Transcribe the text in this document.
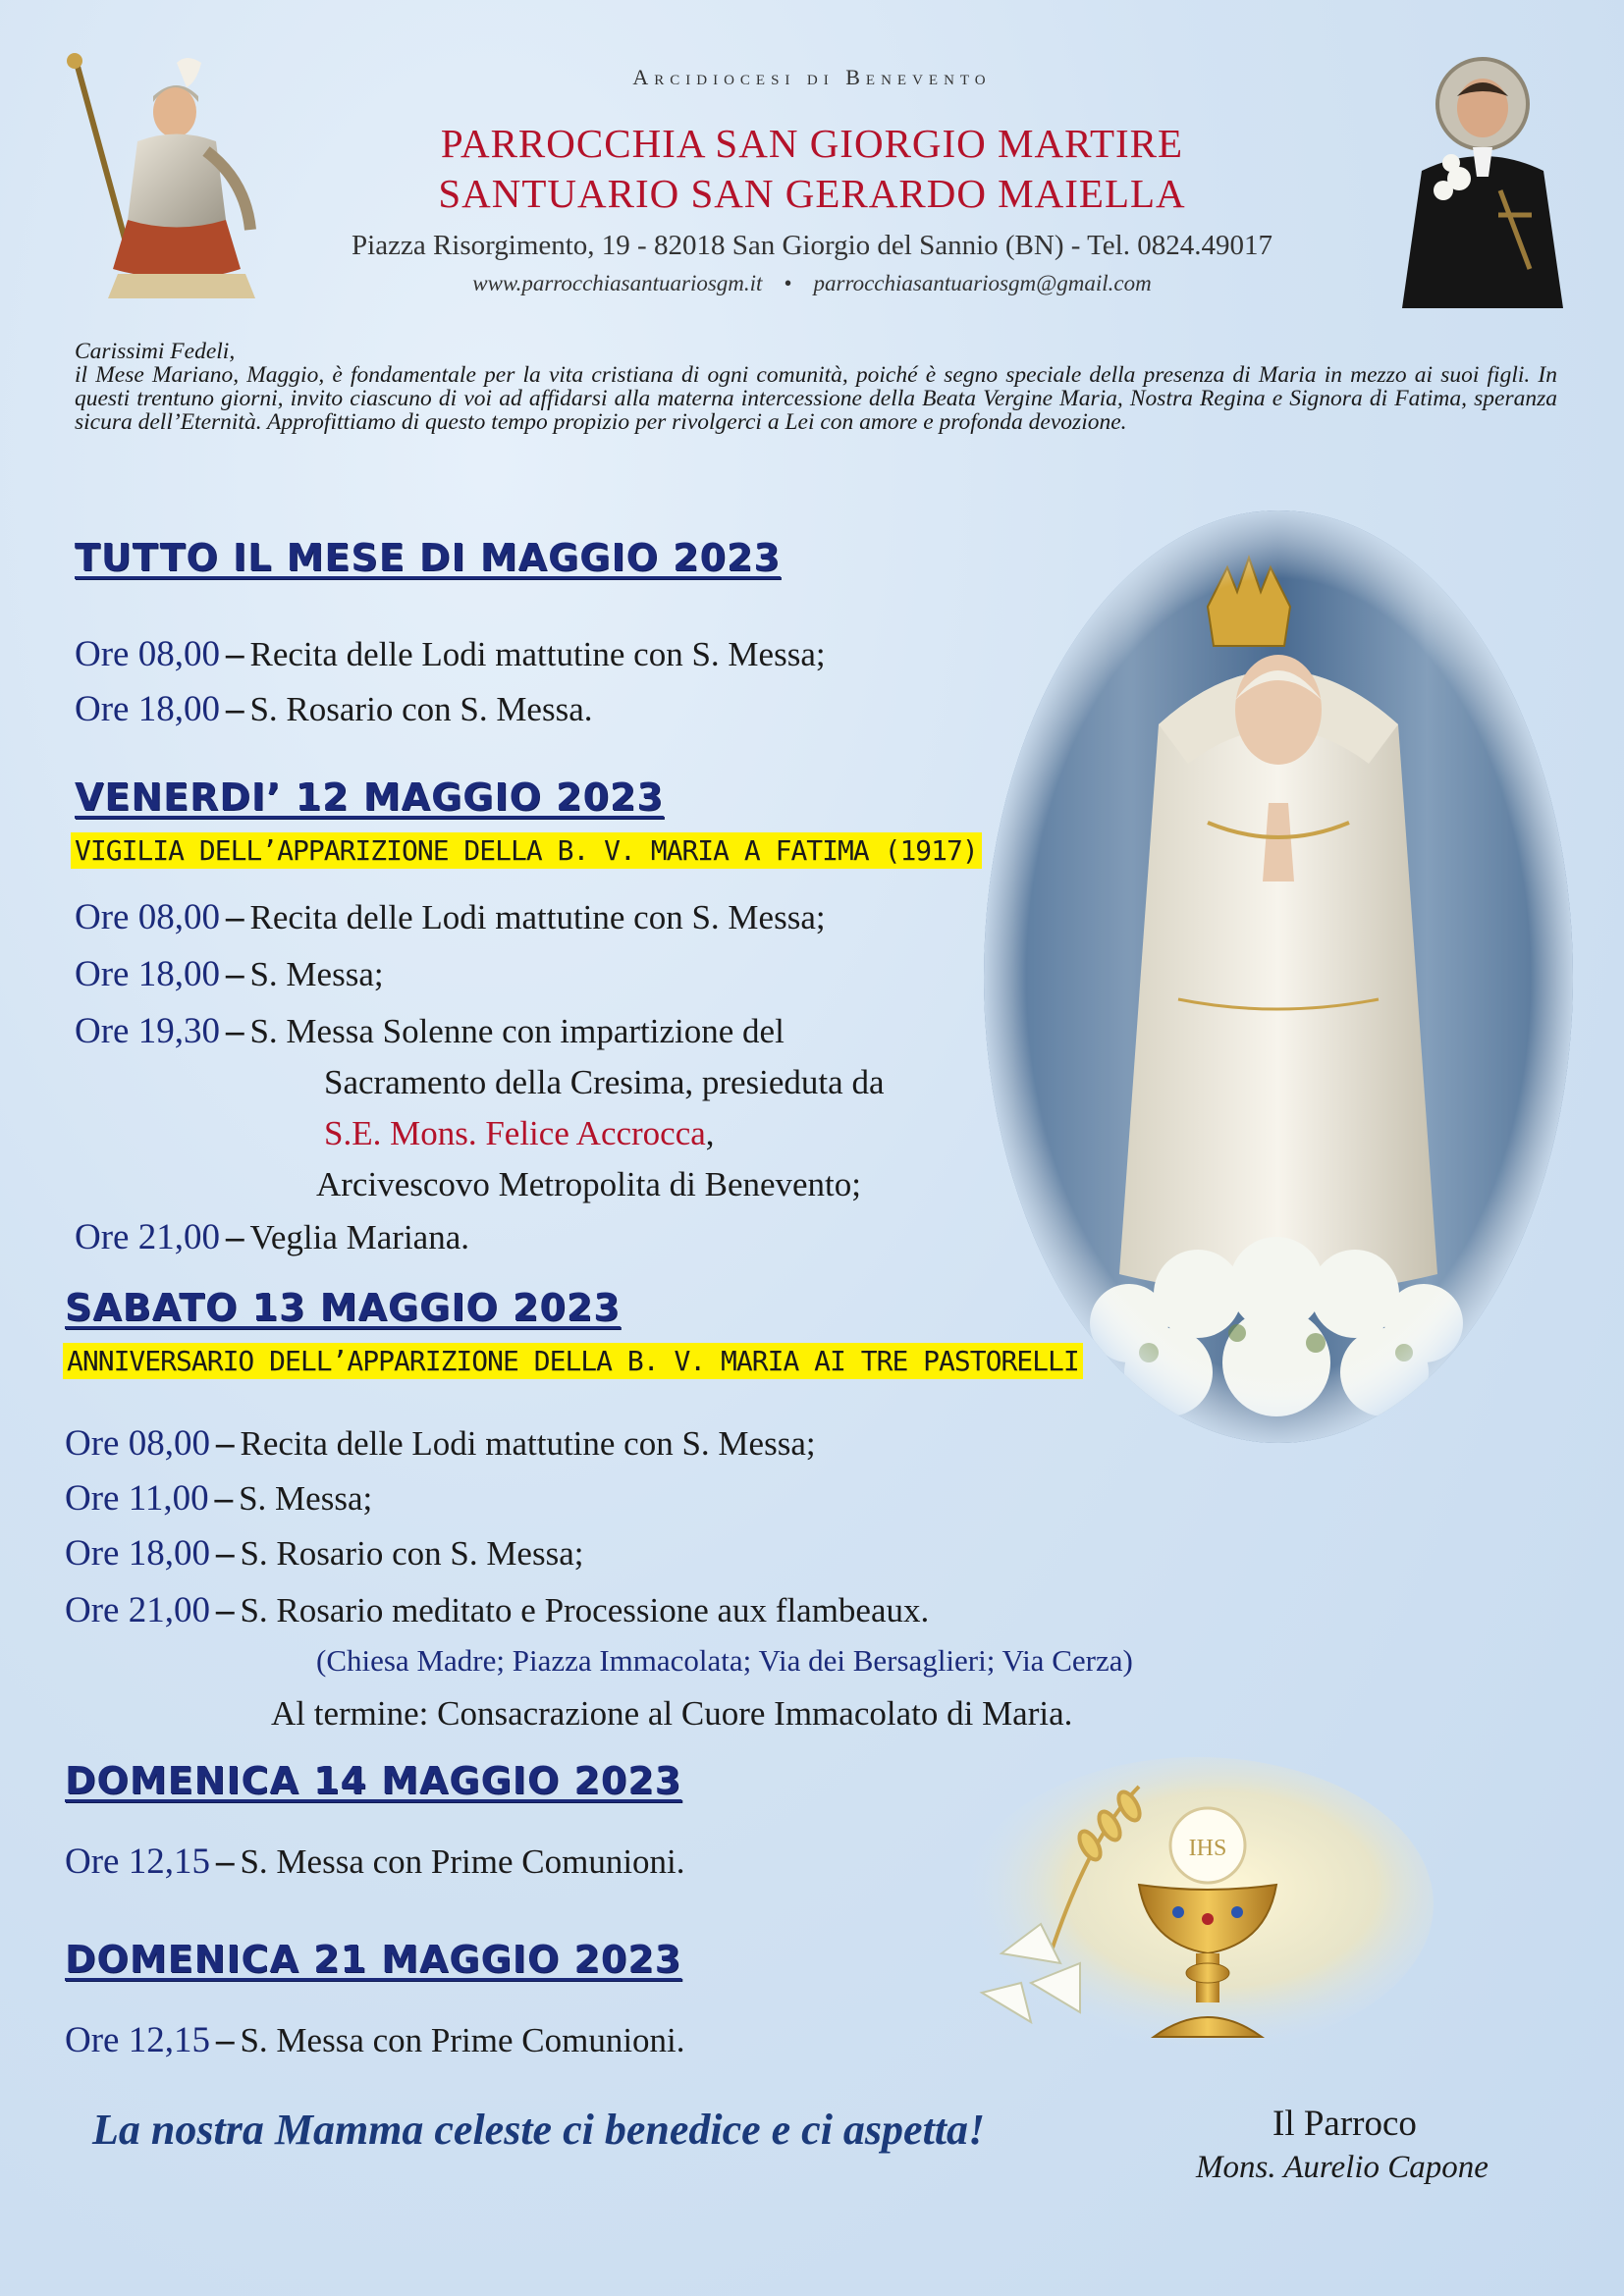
Arcidiocesi di Benevento
PARROCCHIA SAN GIORGIO MARTIRE
SANTUARIO SAN GERARDO MAIELLA
Piazza Risorgimento, 19 - 82018 San Giorgio del Sannio (BN) - Tel. 0824.49017
www.parrocchiasantuariosgm.it • parrocchiasantuariosgm@gmail.com

Carissimi Fedeli,

il Mese Mariano, Maggio, è fondamentale per la vita cristiana di ogni comunità, poiché è segno speciale della presenza di Maria in mezzo ai suoi figli. In questi trentuno giorni, invito ciascuno di voi ad affidarsi alla materna intercessione della Beata Vergine Maria, Nostra Regina e Signora di Fatima, speranza sicura dell’Eternità. Approfittiamo di questo tempo propizio per rivolgerci a Lei con amore e profonda devozione.

TUTTO IL MESE DI MAGGIO 2023
Ore 08,00 – Recita delle Lodi mattutine con S. Messa;
Ore 18,00 – S. Rosario con S. Messa.
VENERDI’ 12 MAGGIO 2023
VIGILIA DELL’APPARIZIONE DELLA B. V. MARIA A FATIMA (1917)
Ore 08,00 – Recita delle Lodi mattutine con S. Messa;
Ore 18,00 – S. Messa;
Ore 19,30 – S. Messa Solenne con impartizione del
Sacramento della Cresima, presieduta da
S.E. Mons. Felice Accrocca,
Arcivescovo Metropolita di Benevento;
Ore 21,00 – Veglia Mariana.
SABATO 13 MAGGIO 2023
ANNIVERSARIO DELL’APPARIZIONE DELLA B. V. MARIA AI TRE PASTORELLI
Ore 08,00 – Recita delle Lodi mattutine con S. Messa;
Ore 11,00 – S. Messa;
Ore 18,00 – S. Rosario con S. Messa;
Ore 21,00 – S. Rosario meditato e Processione aux flambeaux.
(Chiesa Madre; Piazza Immacolata; Via dei Bersaglieri; Via Cerza)
Al termine: Consacrazione al Cuore Immacolato di Maria.
DOMENICA 14 MAGGIO 2023
Ore 12,15 – S. Messa con Prime Comunioni.
DOMENICA 21 MAGGIO 2023
Ore 12,15 – S. Messa con Prime Comunioni.
IHS
La nostra Mamma celeste ci benedice e ci aspetta!	Il Parroco
Mons. Aurelio Capone
